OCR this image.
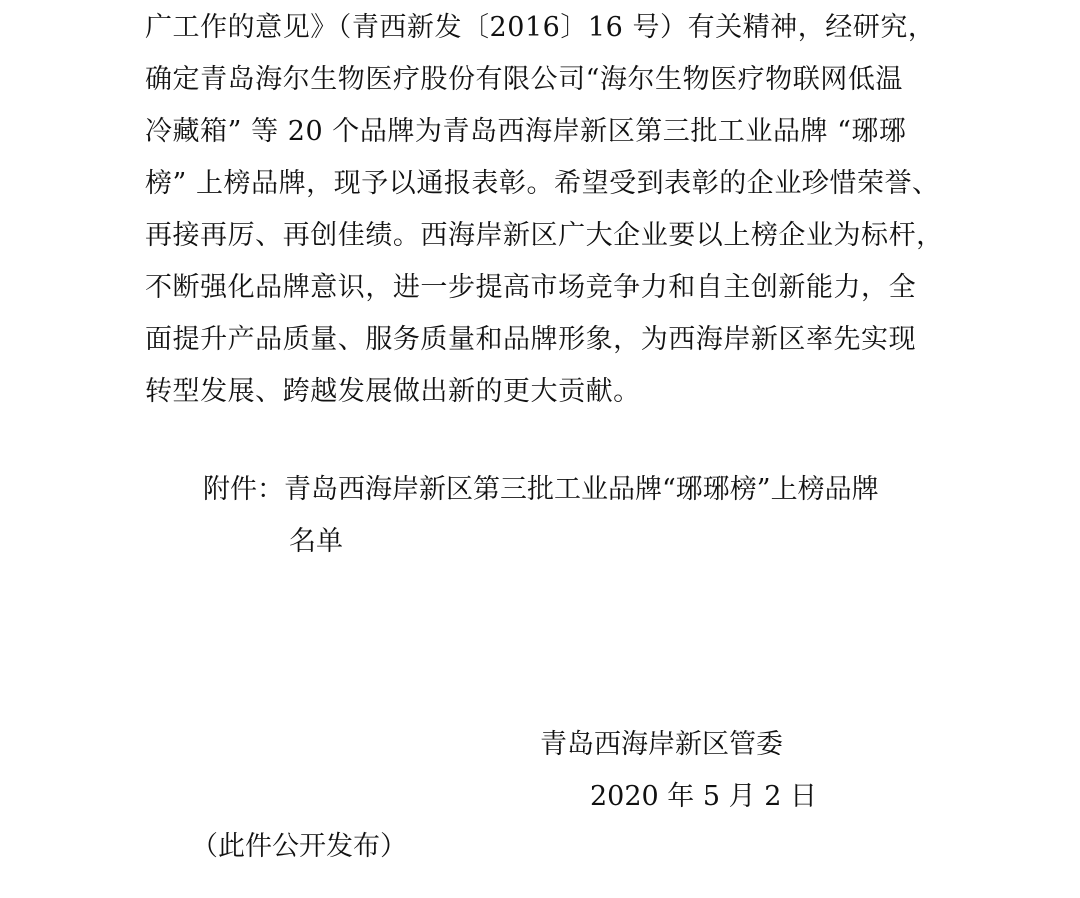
广工作的意见》（青西新发〔2016〕16 号）有关精神，经研究，
确定青岛海尔生物医疗股份有限公司“海尔生物医疗物联网低温
冷藏箱” 等 20 个品牌为青岛西海岸新区第三批工业品牌 “琊琊
榜” 上榜品牌，现予以通报表彰。希望受到表彰的企业珍惜荣誉、
再接再厉、再创佳绩。西海岸新区广大企业要以上榜企业为标杆，
不断强化品牌意识，进一步提高市场竞争力和自主创新能力，全
面提升产品质量、服务质量和品牌形象，为西海岸新区率先实现
转型发展、跨越发展做出新的更大贡献。
附件：青岛西海岸新区第三批工业品牌“琊琊榜”上榜品牌
名单
青岛西海岸新区管委
2020 年 5 月 2 日
（此件公开发布）
